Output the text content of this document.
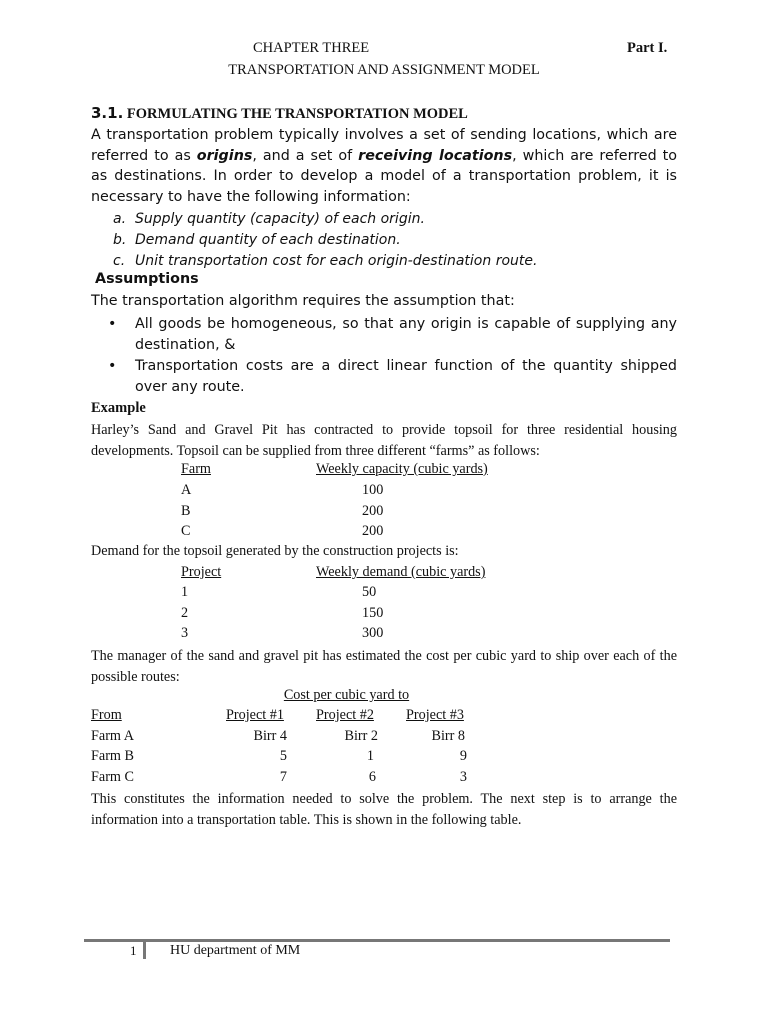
CHAPTER THREE	Part I.
TRANSPORTATION AND ASSIGNMENT MODEL
3.1. FORMULATING THE TRANSPORTATION MODEL

A transportation problem typically involves a set of sending locations, which are referred to as origins, and a set of receiving locations, which are referred to as destinations. In order to develop a model of a transportation problem, it is necessary to have the following information:

a. Supply quantity (capacity) of each origin.
b. Demand quantity of each destination.
c. Unit transportation cost for each origin-destination route.
Assumptions
The transportation algorithm requires the assumption that:
•	All goods be homogeneous, so that any origin is capable of supplying any destination, &
•	Transportation costs are a direct linear function of the quantity shipped over any route.
Example
Harley’s Sand and Gravel Pit has contracted to provide topsoil for three residential housing developments. Topsoil can be supplied from three different “farms” as follows:
Farm	Weekly capacity (cubic yards)
A	100
B	200
C	200
Demand for the topsoil generated by the construction projects is:
Project	Weekly demand (cubic yards)
1	50
2	150
3	300
The manager of the sand and gravel pit has estimated the cost per cubic yard to ship over each of the possible routes:
Cost per cubic yard to
From	Project #1 Project #2 Project #3
Farm A	Birr 4	Birr 2	Birr 8
Farm B	5	1	9
Farm C	7	6	3
This constitutes the information needed to solve the problem. The next step is to arrange the information into a transportation table. This is shown in the following table.
1 HU department of MM
